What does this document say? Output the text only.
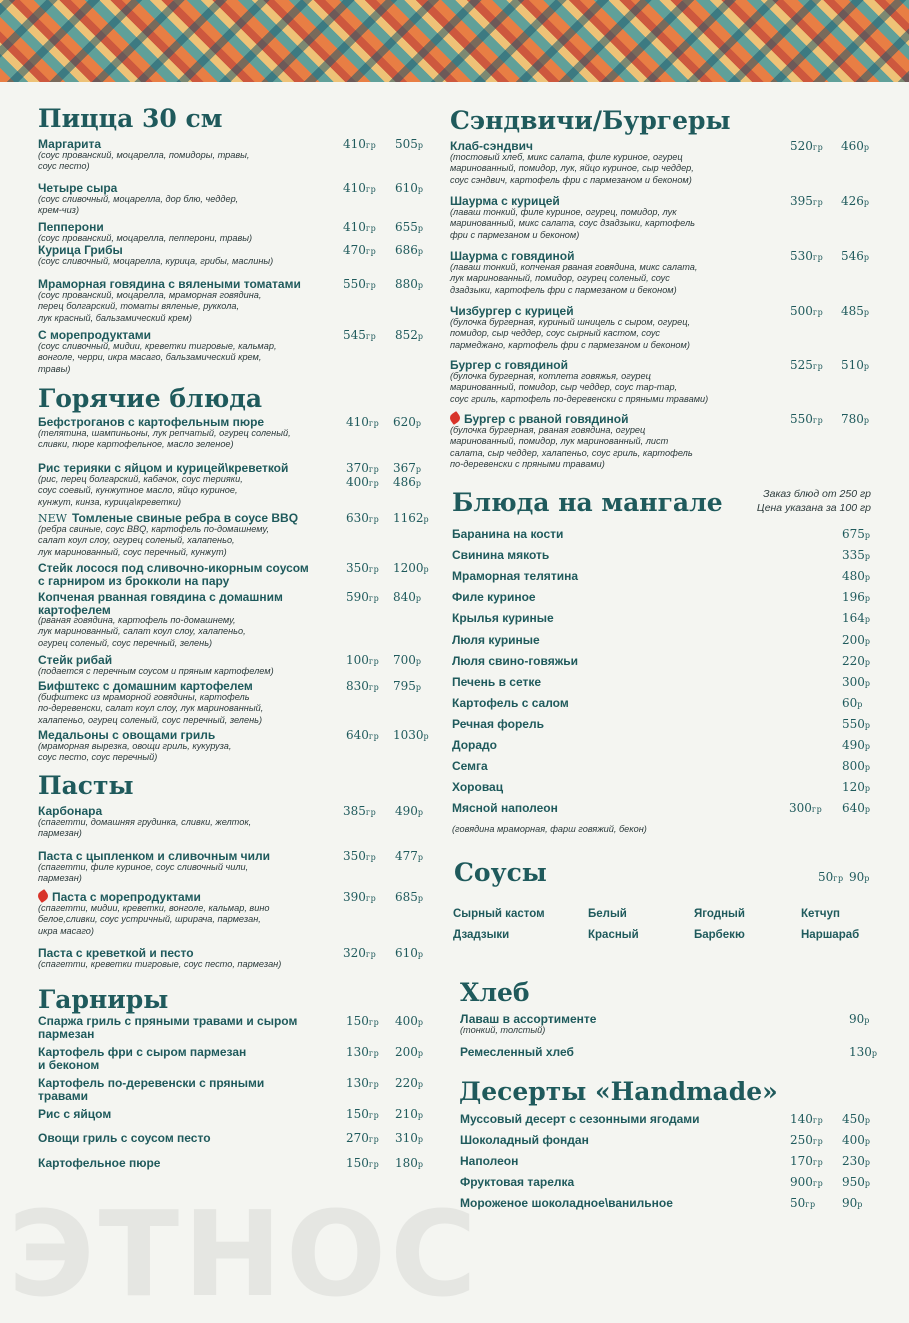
ЭТНОС
Пицца 30 см
Маргарита
(соус прованский, моцарелла, помидоры, травы,
соус песто)
410гр 505р
Четыре сыра
(соус сливочный, моцарелла, дор блю, чеддер,
крем-чиз)
410гр 610р
Пепперони
(соус прованский, моцарелла, пепперони, травы)
410гр 655р
Курица Грибы
(соус сливочный, моцарелла, курица, грибы, маслины)
470гр 686р
Мраморная говядина с вялеными томатами
(соус прованский, моцарелла, мраморная говядина,
перец болгарский, томаты вяленые, руккола,
лук красный, бальзамический крем)
550гр 880р
С морепродуктами
(соус сливочный, мидии, креветки тигровые, кальмар,
вонголе, черри, икра масаго, бальзамический крем,
травы)
545гр 852р
Горячие блюда
Бефстроганов с картофельным пюре
(телятина, шампиньоны, лук репчатый, огурец соленый,
сливки, пюре картофельное, масло зеленое)
410гр 620р
Рис терияки с яйцом и курицей\креветкой
(рис, перец болгарский, кабачок, соус терияки,
соус соевый, кунжутное масло, яйцо куриное,
кунжут, кинза, курица\креветки)
370гр 367р
400гр 486р
NEW Томленые свиные ребра в соусе BBQ
(ребра свиные, соус BBQ, картофель по-домашнему,
салат коул слоу, огурец соленый, халапеньо,
лук маринованный, соус перечный, кунжут)
630гр 1162р
Стейк лосося под сливочно-икорным соусом
с гарниром из брокколи на пару
350гр 1200р
Копченая рванная говядина с домашним
картофелем
(рваная говядина, картофель по-домашнему,
лук маринованный, салат коул слоу, халапеньо,
огурец соленый, соус перечный, зелень)
590гр 840р
Стейк рибай
(подается с перечным соусом и пряным картофелем)
100гр 700р
Бифштекс с домашним картофелем
(бифштекс из мраморной говядины, картофель
по-деревенски, салат коул слоу, лук маринованный,
халапеньо, огурец соленый, соус перечный, зелень)
830гр 795р
Медальоны с овощами гриль
(мраморная вырезка, овощи гриль, кукуруза,
соус песто, соус перечный)
640гр 1030р
Пасты
Карбонара
(спагетти, домашняя грудинка, сливки, желток,
пармезан)
385гр 490р
Паста с цыпленком и сливочным чили
(спагетти, филе куриное, соус сливочный чили,
пармезан)
350гр 477р
Паста с морепродуктами
(спагетти, мидии, креветки, вонголе, кальмар, вино
белое,сливки, соус устричный, шрирача, пармезан,
икра масаго)
390гр 685р
Паста с креветкой и песто
(спагетти, креветки тигровые, соус песто, пармезан)
320гр 610р
Гарниры
Спаржа гриль с пряными травами и сыром
пармезан
150гр 400р
Картофель фри с сыром пармезан
и беконом
130гр 200р
Картофель по-деревенски с пряными
травами
130гр 220р
Рис с яйцом	150гр 210р
Овощи гриль с соусом песто	270гр 310р
Картофельное пюре	150гр 180р
Сэндвичи/Бургеры
Клаб-сэндвич
(тостовый хлеб, микс салата, филе куриное, огурец
маринованный, помидор, лук, яйцо куриное, сыр чеддер,
соус сэндвич, картофель фри с пармезаном и беконом)
520гр 460р
Шаурма с курицей
(лаваш тонкий, филе куриное, огурец, помидор, лук
маринованный, микс салата, соус дзадзыки, картофель
фри с пармезаном и беконом)
395гр 426р
Шаурма с говядиной
(лаваш тонкий, копченая рваная говядина, микс салата,
лук маринованный, помидор, огурец соленый, соус
дзадзыки, картофель фри с пармезаном и беконом)
530гр 546р
Чизбургер с курицей
(булочка бургерная, куриный шницель с сыром, огурец,
помидор, сыр чеддер, соус сырный кастом, соус
пармеджано, картофель фри с пармезаном и беконом)
500гр 485р
Бургер с говядиной
(булочка бургерная, котлета говяжья, огурец
маринованный, помидор, сыр чеддер, соус тар-тар,
соус гриль, картофель по-деревенски с пряными травами)
525гр 510р
Бургер с рваной говядиной
(булочка бургерная, рваная говядина, огурец
маринованный, помидор, лук маринованный, лист
салата, сыр чеддер, халапеньо, соус гриль, картофель
по-деревенски с пряными травами)
550гр 780р
Блюда на мангале	Заказ блюд от 250 гр
Цена указана за 100 гр
Баранина на кости	675р
Свинина мякоть	335р
Мраморная телятина	480р
Филе куриное	196р
Крылья куриные	164р
Люля куриные	200р
Люля свино-говяжьи	220р
Печень в сетке	300р
Картофель с салом	60р
Речная форель	550р
Дорадо	490р
Семга	800р
Хоровац	120р
Мясной наполеон	300гр 640р
(говядина мраморная, фарш говяжий, бекон)
Соусы	50гр 90р
Сырный кастом	Белый	Ягодный	Кетчуп
Дзадзыки	Красный	Барбекю	Наршараб
Хлеб
Лаваш в ассортименте
(тонкий, толстый)
90р
Ремесленный хлеб	130р
Десерты «Handmade»
Муссовый десерт с сезонными ягодами	140гр 450р
Шоколадный фондан	250гр 400р
Наполеон	170гр 230р
Фруктовая тарелка	900гр 950р
Мороженое шоколадное\ванильное	50гр 90р
